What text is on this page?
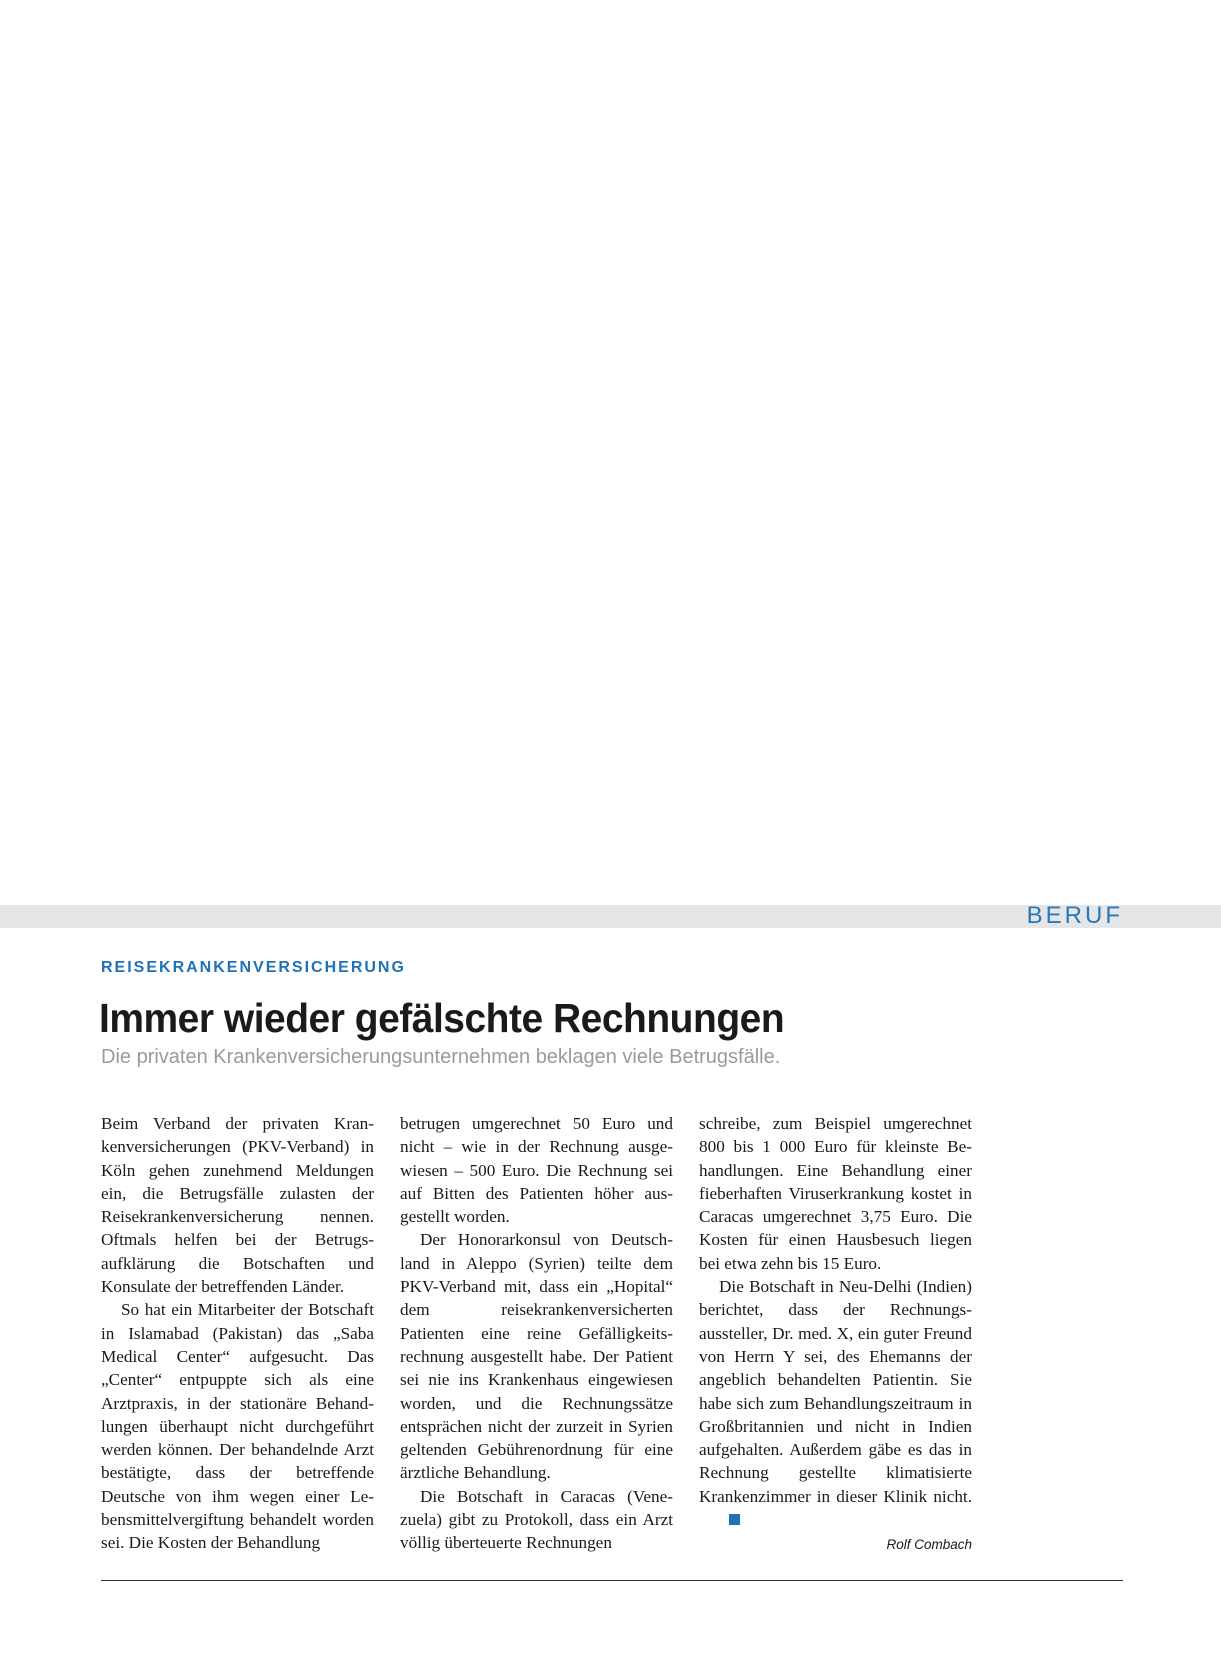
BERUF
REISEKRANKENVERSICHERUNG
Immer wieder gefälschte Rechnungen
Die privaten Krankenversicherungsunternehmen beklagen viele Betrugsfälle.

Beim Verband der privaten Krankenversicherungen (PKV-Verband) in Köln gehen zunehmend Meldungen ein, die Betrugsfälle zulasten der Reisekrankenversicherung nennen. Oftmals helfen bei der Betrugsaufklärung die Botschaften und Konsulate der betreffenden Länder.

So hat ein Mitarbeiter der Botschaft in Islamabad (Pakistan) das „Saba Medical Center“ aufgesucht. Das „Center“ entpuppte sich als eine Arztpraxis, in der stationäre Behandlungen überhaupt nicht durchgeführt werden können. Der behandelnde Arzt bestätigte, dass der betreffende Deutsche von ihm wegen einer Lebensmittelvergiftung behandelt worden sei. Die Kosten der Behandlung

betrugen umgerechnet 50 Euro und nicht – wie in der Rechnung ausgewiesen – 500 Euro. Die Rechnung sei auf Bitten des Patienten höher ausgestellt worden.

Der Honorarkonsul von Deutschland in Aleppo (Syrien) teilte dem PKV-Verband mit, dass ein „Hopital“ dem reisekrankenversicherten Patienten eine reine Gefälligkeitsrechnung ausgestellt habe. Der Patient sei nie ins Krankenhaus eingewiesen worden, und die Rechnungssätze entsprächen nicht der zurzeit in Syrien geltenden Gebührenordnung für eine ärztliche Behandlung.

Die Botschaft in Caracas (Venezuela) gibt zu Protokoll, dass ein Arzt völlig überteuerte Rechnungen

schreibe, zum Beispiel umgerechnet 800 bis 1 000 Euro für kleinste Behandlungen. Eine Behandlung einer fieberhaften Viruserkrankung kostet in Caracas umgerechnet 3,75 Euro. Die Kosten für einen Hausbesuch liegen bei etwa zehn bis 15 Euro.

Die Botschaft in Neu-Delhi (Indien) berichtet, dass der Rechnungsaussteller, Dr. med. X, ein guter Freund von Herrn Y sei, des Ehemanns der angeblich behandelten Patientin. Sie habe sich zum Behandlungszeitraum in Großbritannien und nicht in Indien aufgehalten. Außerdem gäbe es das in Rechnung gestellte klimatisierte Krankenzimmer in dieser Klinik nicht.

Rolf Combach
